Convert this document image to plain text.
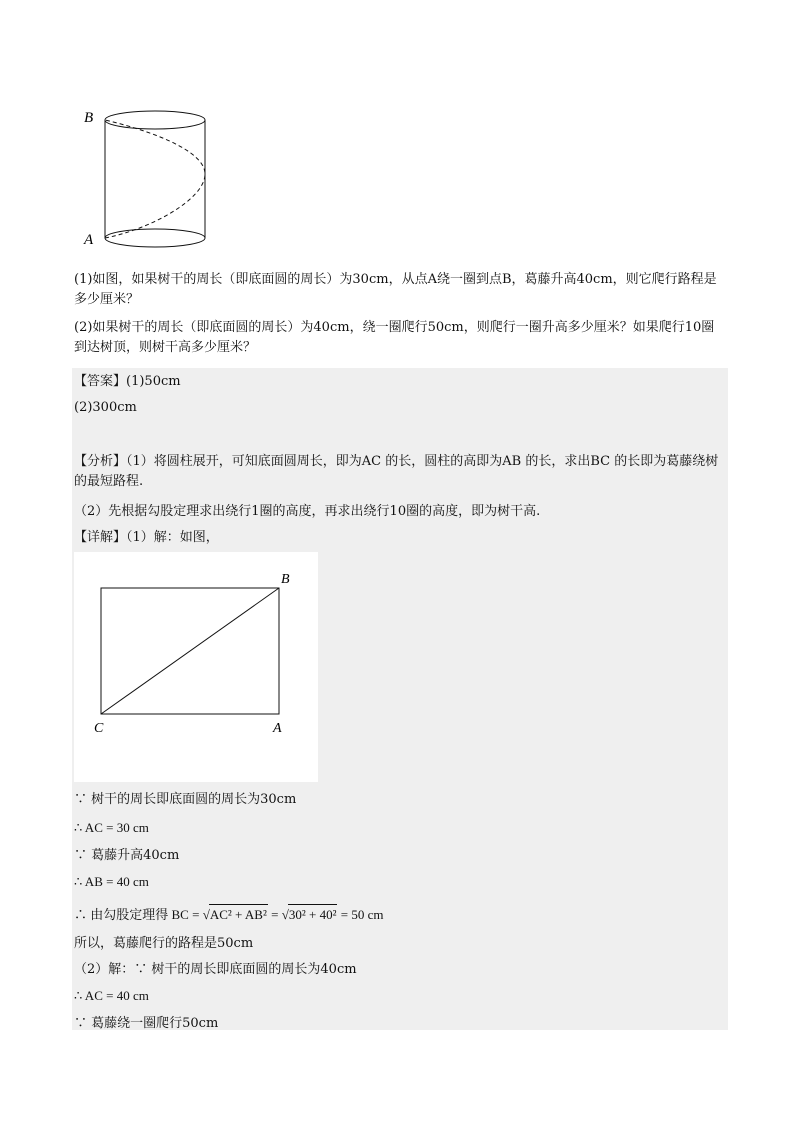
B
A
(1)如图，如果树干的周长（即底面圆的周长）为30cm，从点A绕一圈到点B，葛藤升高40cm，则它爬行路程是多少厘米？
(2)如果树干的周长（即底面圆的周长）为40cm，绕一圈爬行50cm，则爬行一圈升高多少厘米？如果爬行10圈到达树顶，则树干高多少厘米？
【答案】(1)50cm
(2)300cm
【分析】（1）将圆柱展开，可知底面圆周长，即为AC 的长，圆柱的高即为AB 的长，求出BC 的长即为葛藤绕树的最短路程.
（2）先根据勾股定理求出绕行1圈的高度，再求出绕行10圈的高度，即为树干高.
【详解】（1）解：如图，
B
C	A
∵ 树干的周长即底面圆的周长为30cm
∴ AC = 30 cm
∵ 葛藤升高40cm
∴ AB = 40 cm
∴ 由勾股定理得 BC = √AC² + AB² = √30² + 40² = 50 cm
所以，葛藤爬行的路程是50cm
（2）解：∵ 树干的周长即底面圆的周长为40cm
∴ AC = 40 cm
∵ 葛藤绕一圈爬行50cm
